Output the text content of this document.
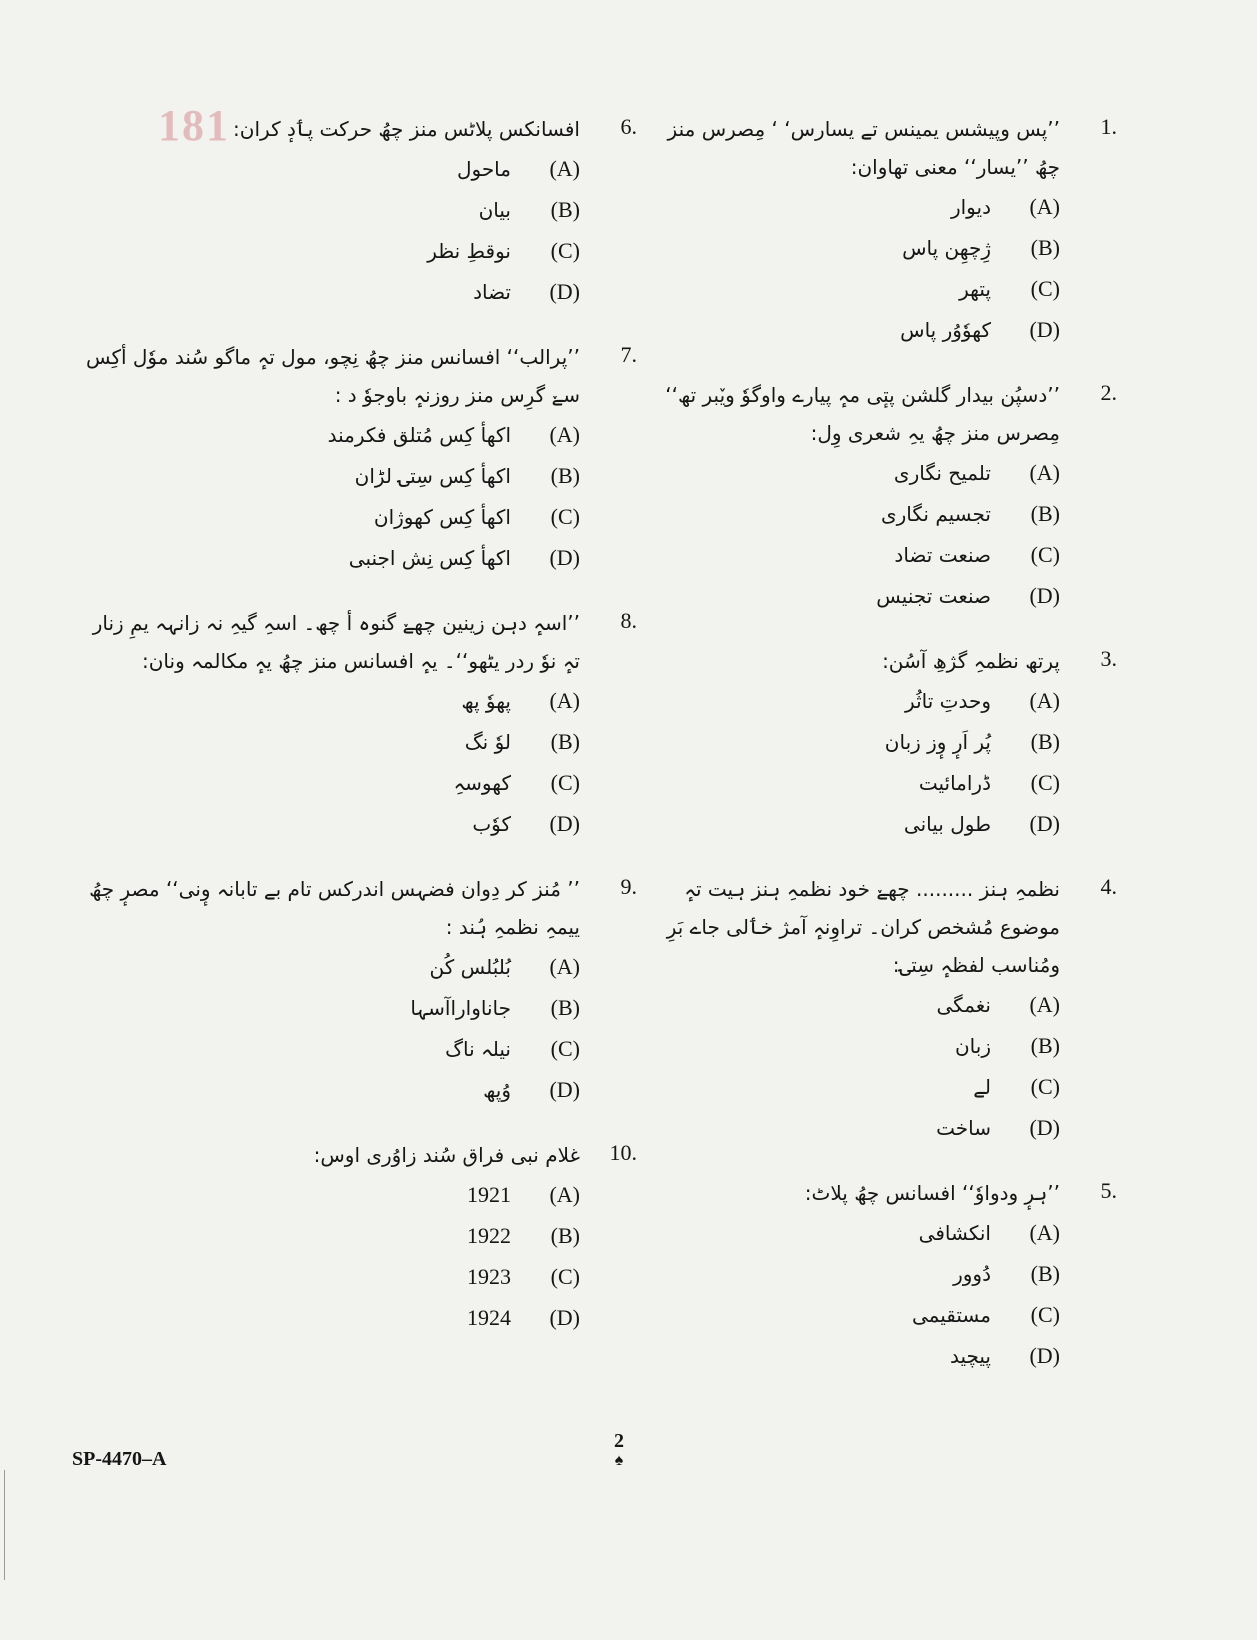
181	1.
’’پس وپیشس یمینس تے یسارس‘ ‘ مِصرس منز چھُ ’’یسار‘‘ معنی تھاوان:
(A)دیوار
(B)ژِچھِن پاس
(C)پتھر
(D)کھوٗوُر پاس
2.
’’دسپُن بیدار گلشن پتٕی مہٕ پیارے واوگوٗ ویٚبر تھ‘‘ مِصرس منز چھُ یہِ شعری وِل:
(A)تلمیح نگاری
(B)تجسیم نگاری
(C)صنعت تضاد
(D)صنعت تجنیس
3.
پرتھ نظمہِ گژھِ آسُن:
(A)وحدتِ تاثُر
(B)پُر اَرٕ وٕز زبان
(C)ڈرامائیت
(D)طول بیانی
4.
نظمہِ ہنز ......... چھےٚ خود نظمہِ ہنز ہیت تہٕ موضوع مُشخص کران۔ تراوِنہٕ آمژ خٲلی جاے بَرِ ومُناسب لفظہٕ سِتۍ:
(A)نغمگی
(B)زبان
(C)لے
(D)ساخت
5.
’’ہرٕ ودواوٗ‘‘ افسانس چھُ پلاٹ:
(A)انکشافی
(B)دُوور
(C)مستقیمی
(D)پیچید
6.
افسانکس پلاٹس منز چھُ حرکت پٲدٕ کران:
(A)ماحول
(B)بیان
(C)نوقطِ نظر
(D)تضاد
7.
’’پرالب‘‘ افسانس منز چھُ نِچو، مول تہٕ ماگو سُند موٗل أکِس سےٚ گرِس منز روزنہٕ باوجوٗ د :
(A)اکھأ کِس مُتلق فکرمند
(B)اکھأ کِس سِتۍ لڑان
(C)اکھأ کِس کھوژان
(D)اکھأ کِس نِش اجنبی
8.
’’اسہٕ دہن زینین چھےٚ گنوہ أ چھ۔ اسہِ گیہِ نہ زانہہ یمِ زنار تہٕ نوٗ ردر یٹھو‘‘۔ یہٕ افسانس منز چھُ یہٕ مکالمہ ونان:
(A)پھوٗ پھ
(B)لوٗ نگ
(C)کھوسہِ
(D)کوٗب
9.
’’ مُنز کر دِوان فضہس اندرکس تام بے تابانہ وٕنی‘‘ مصرٕ چھُ ییمہِ نظمہِ ہُند :
(A)بُلبُلس کُن
(B)جاناواراآسہا
(C)نیلہ ناگ
(D)وُپھ
10.
غلام نبی فراق سُند زاوُری اوس:
(A)1921
(B)1922
(C)1923
(D)1924
SP-4470–A
2
♠
